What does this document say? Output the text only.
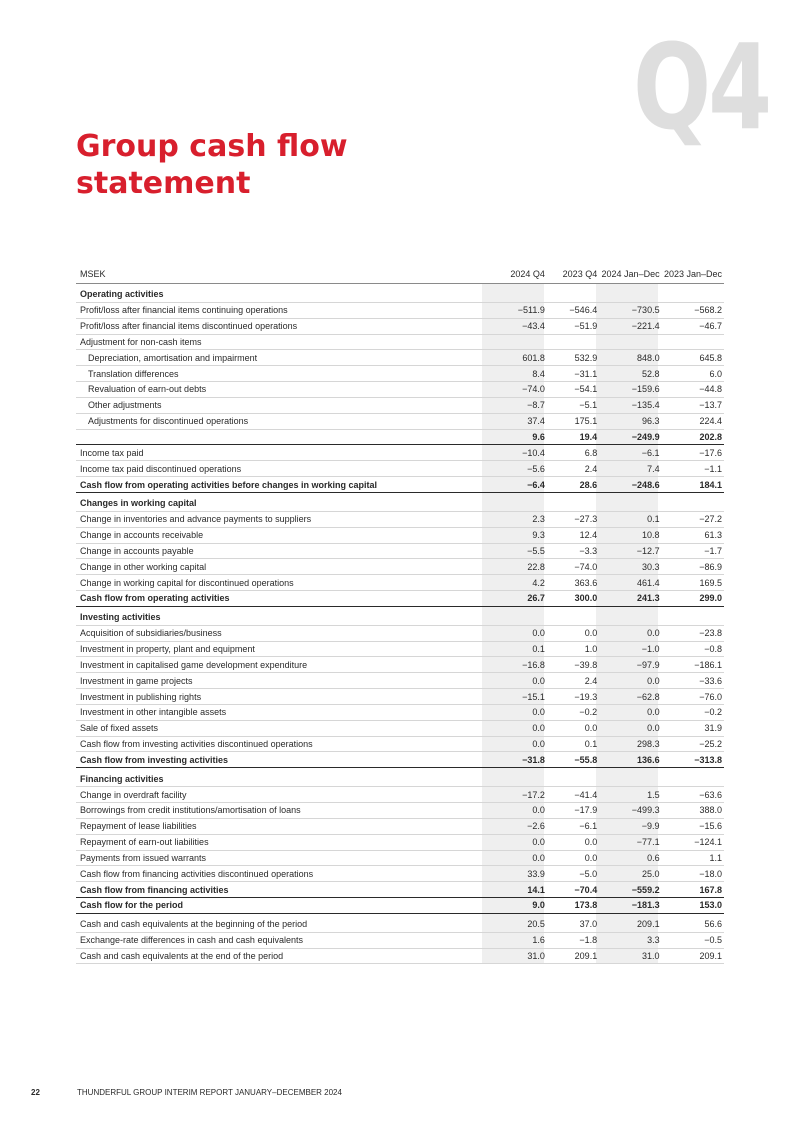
Q4
Group cash flow
statement
MSEK	2024 Q4	2023 Q4	2024 Jan–Dec	2023 Jan–Dec
Operating activities				
Profit/loss after financial items continuing operations	−511.9	−546.4	−730.5	−568.2
Profit/loss after financial items discontinued operations	−43.4	−51.9	−221.4	−46.7
Adjustment for non-cash items				
Depreciation, amortisation and impairment	601.8	532.9	848.0	645.8
Translation differences	8.4	−31.1	52.8	6.0
Revaluation of earn-out debts	−74.0	−54.1	−159.6	−44.8
Other adjustments	−8.7	−5.1	−135.4	−13.7
Adjustments for discontinued operations	37.4	175.1	96.3	224.4
	9.6	19.4	−249.9	202.8
Income tax paid	−10.4	6.8	−6.1	−17.6
Income tax paid discontinued operations	−5.6	2.4	7.4	−1.1
Cash flow from operating activities before changes in working capital	−6.4	28.6	−248.6	184.1
Changes in working capital				
Change in inventories and advance payments to suppliers	2.3	−27.3	0.1	−27.2
Change in accounts receivable	9.3	12.4	10.8	61.3
Change in accounts payable	−5.5	−3.3	−12.7	−1.7
Change in other working capital	22.8	−74.0	30.3	−86.9
Change in working capital for discontinued operations	4.2	363.6	461.4	169.5
Cash flow from operating activities	26.7	300.0	241.3	299.0
Investing activities				
Acquisition of subsidiaries/business	0.0	0.0	0.0	−23.8
Investment in property, plant and equipment	0.1	1.0	−1.0	−0.8
Investment in capitalised game development expenditure	−16.8	−39.8	−97.9	−186.1
Investment in game projects	0.0	2.4	0.0	−33.6
Investment in publishing rights	−15.1	−19.3	−62.8	−76.0
Investment in other intangible assets	0.0	−0.2	0.0	−0.2
Sale of fixed assets	0.0	0.0	0.0	31.9
Cash flow from investing activities discontinued operations	0.0	0.1	298.3	−25.2
Cash flow from investing activities	−31.8	−55.8	136.6	−313.8
Financing activities				
Change in overdraft facility	−17.2	−41.4	1.5	−63.6
Borrowings from credit institutions/amortisation of loans	0.0	−17.9	−499.3	388.0
Repayment of lease liabilities	−2.6	−6.1	−9.9	−15.6
Repayment of earn-out liabilities	0.0	0.0	−77.1	−124.1
Payments from issued warrants	0.0	0.0	0.6	1.1
Cash flow from financing activities discontinued operations	33.9	−5.0	25.0	−18.0
Cash flow from financing activities	14.1	−70.4	−559.2	167.8
Cash flow for the period	9.0	173.8	−181.3	153.0
Cash and cash equivalents at the beginning of the period	20.5	37.0	209.1	56.6
Exchange-rate differences in cash and cash equivalents	1.6	−1.8	3.3	−0.5
Cash and cash equivalents at the end of the period	31.0	209.1	31.0	209.1
22	THUNDERFUL GROUP INTERIM REPORT JANUARY–DECEMBER 2024
